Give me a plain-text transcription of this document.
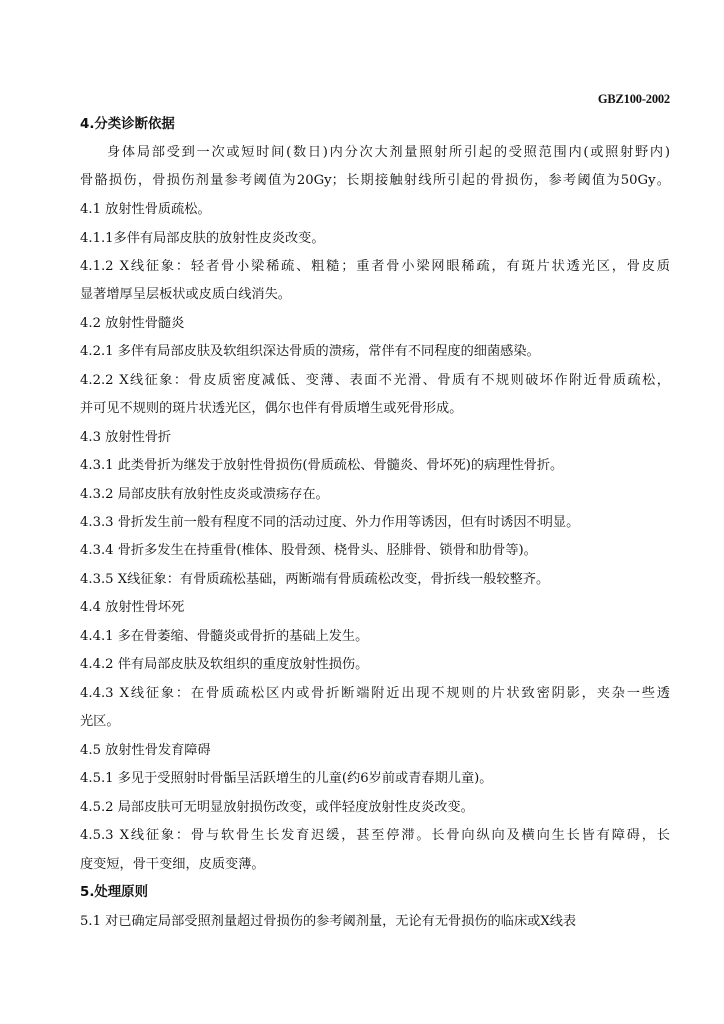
GBZ100-2002
4.分类诊断依据
身体局部受到一次或短时间(数日)内分次大剂量照射所引起的受照范围内(或照射野内)
骨骼损伤，骨损伤剂量参考阈值为20Gy；长期接触射线所引起的骨损伤，参考阈值为50Gy。
4.1 放射性骨质疏松。
4.1.1多伴有局部皮肤的放射性皮炎改变。
4.1.2 X线征象：轻者骨小梁稀疏、粗糙；重者骨小梁网眼稀疏，有斑片状透光区，骨皮质
显著增厚呈层板状或皮质白线消失。
4.2 放射性骨髓炎
4.2.1 多伴有局部皮肤及软组织深达骨质的溃疡，常伴有不同程度的细菌感染。
4.2.2 X线征象：骨皮质密度减低、变薄、表面不光滑、骨质有不规则破坏作附近骨质疏松，
并可见不规则的斑片状透光区，偶尔也伴有骨质增生或死骨形成。
4.3 放射性骨折
4.3.1 此类骨折为继发于放射性骨损伤(骨质疏松、骨髓炎、骨坏死)的病理性骨折。
4.3.2 局部皮肤有放射性皮炎或溃疡存在。
4.3.3 骨折发生前一般有程度不同的活动过度、外力作用等诱因，但有时诱因不明显。
4.3.4 骨折多发生在持重骨(椎体、股骨颈、桡骨头、胫腓骨、锁骨和肋骨等)。
4.3.5 X线征象：有骨质疏松基础，两断端有骨质疏松改变，骨折线一般较整齐。
4.4 放射性骨坏死
4.4.1 多在骨萎缩、骨髓炎或骨折的基础上发生。
4.4.2 伴有局部皮肤及软组织的重度放射性损伤。
4.4.3 X线征象：在骨质疏松区内或骨折断端附近出现不规则的片状致密阴影，夹杂一些透
光区。
4.5 放射性骨发育障碍
4.5.1 多见于受照射时骨骺呈活跃增生的儿童(约6岁前或青春期儿童)。
4.5.2 局部皮肤可无明显放射损伤改变，或伴轻度放射性皮炎改变。
4.5.3 X线征象：骨与软骨生长发育迟缓，甚至停滞。长骨向纵向及横向生长皆有障碍，长
度变短，骨干变细，皮质变薄。
5.处理原则
5.1 对已确定局部受照剂量超过骨损伤的参考阈剂量，无论有无骨损伤的临床或X线表
